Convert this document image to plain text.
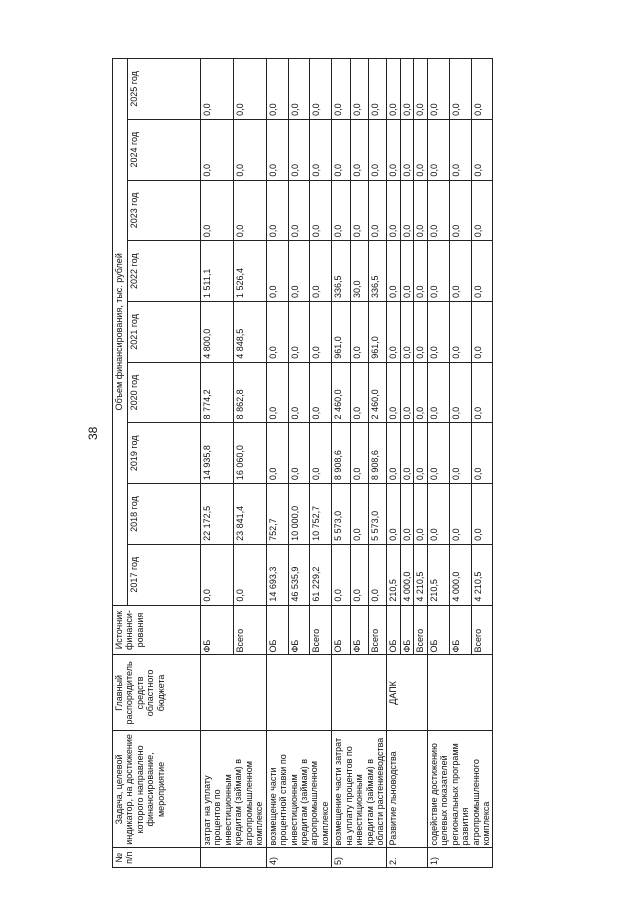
38
№ п/п	Задача, целевой индикатор, на достижение которого направлено финансирование, мероприятие	Главный распорядитель средств областного бюджета	Источник финанси-рования	Объем финансирования, тыс. рублей								
				2017 год	2018 год	2019 год	2020 год	2021 год	2022 год	2023 год	2024 год	2025 год
	затрат на уплату процентов по инвестиционным кредитам (займам) в агропромышленном комплексе		ФБ	0,0	22 172,5	14 935,8	8 774,2	4 800,0	1 511,1	0,0	0,0	0,0
			Всего	0,0	23 841,4	16 060,0	8 862,8	4 848,5	1 526,4	0,0	0,0	0,0
4)	возмещение части процентной ставки по инвестиционным кредитам (займам) в агропромышленном комплексе		ОБ	14 693,3	752,7	0,0	0,0	0,0	0,0	0,0	0,0	0,0
			ФБ	46 535,9	10 000,0	0,0	0,0	0,0	0,0	0,0	0,0	0,0
			Всего	61 229,2	10 752,7	0,0	0,0	0,0	0,0	0,0	0,0	0,0
5)	возмещение части затрат на уплату процентов по инвестиционным кредитам (займам) в области растениеводства		ОБ	0,0	5 573,0	8 908,6	2 460,0	961,0	336,5	0,0	0,0	0,0
			ФБ	0,0	0,0	0,0	0,0	0,0	30,0	0,0	0,0	0,0
			Всего	0,0	5 573,0	8 908,6	2 460,0	961,0	336,5	0,0	0,0	0,0
2.	Развитие льноводства	ДАПК	ОБ	210,5	0,0	0,0	0,0	0,0	0,0	0,0	0,0	0,0
			ФБ	4 000,0	0,0	0,0	0,0	0,0	0,0	0,0	0,0	0,0
			Всего	4 210,5	0,0	0,0	0,0	0,0	0,0	0,0	0,0	0,0
1)	содействие достижению целевых показателей региональных программ развития агропромышленного комплекса		ОБ	210,5	0,0	0,0	0,0	0,0	0,0	0,0	0,0	0,0
			ФБ	4 000,0	0,0	0,0	0,0	0,0	0,0	0,0	0,0	0,0
			Всего	4 210,5	0,0	0,0	0,0	0,0	0,0	0,0	0,0	0,0
